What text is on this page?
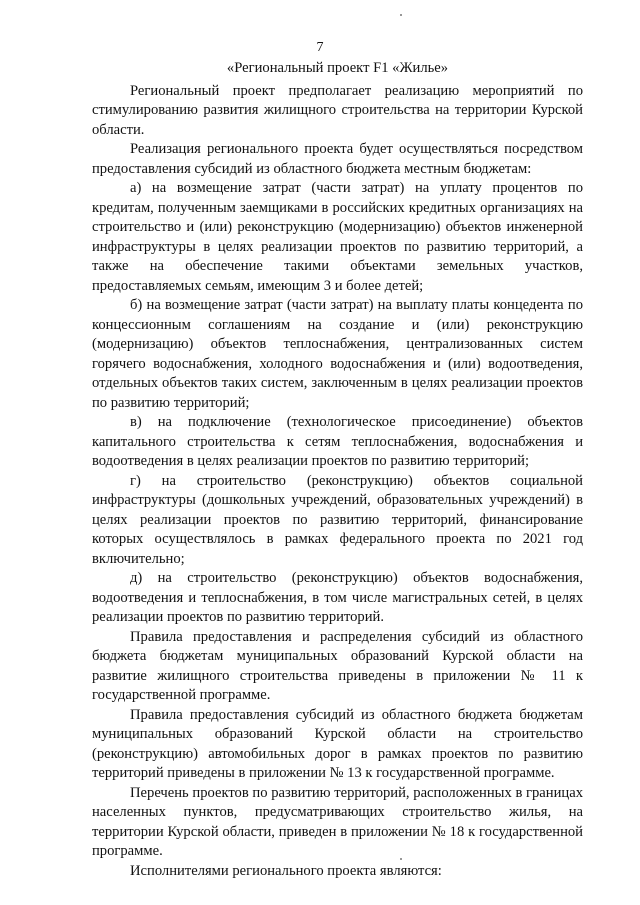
7
«Региональный проект F1 «Жилье»

Региональный проект предполагает реализацию мероприятий по стимулированию развития жилищного строительства на территории Курской области.

Реализация регионального проекта будет осуществляться посредством предоставления субсидий из областного бюджета местным бюджетам:

а) на возмещение затрат (части затрат) на уплату процентов по кредитам, полученным заемщиками в российских кредитных организациях на строительство и (или) реконструкцию (модернизацию) объектов инженерной инфраструктуры в целях реализации проектов по развитию территорий, а также на обеспечение такими объектами земельных участков, предоставляемых семьям, имеющим 3 и более детей;

б) на возмещение затрат (части затрат) на выплату платы концедента по концессионным соглашениям на создание и (или) реконструкцию (модернизацию) объектов теплоснабжения, централизованных систем горячего водоснабжения, холодного водоснабжения и (или) водоотведения, отдельных объектов таких систем, заключенным в целях реализации проектов по развитию территорий;

в) на подключение (технологическое присоединение) объектов капитального строительства к сетям теплоснабжения, водоснабжения и водоотведения в целях реализации проектов по развитию территорий;

г) на строительство (реконструкцию) объектов социальной инфраструктуры (дошкольных учреждений, образовательных учреждений) в целях реализации проектов по развитию территорий, финансирование которых осуществлялось в рамках федерального проекта по 2021 год включительно;

д) на строительство (реконструкцию) объектов водоснабжения, водоотведения и теплоснабжения, в том числе магистральных сетей, в целях реализации проектов по развитию территорий.

Правила предоставления и распределения субсидий из областного бюджета бюджетам муниципальных образований Курской области на развитие жилищного строительства приведены в приложении № 11 к государственной программе.

Правила предоставления субсидий из областного бюджета бюджетам муниципальных образований Курской области на строительство (реконструкцию) автомобильных дорог в рамках проектов по развитию территорий приведены в приложении № 13 к государственной программе.

Перечень проектов по развитию территорий, расположенных в границах населенных пунктов, предусматривающих строительство жилья, на территории Курской области, приведен в приложении № 18 к государственной программе.

Исполнителями регионального проекта являются:
